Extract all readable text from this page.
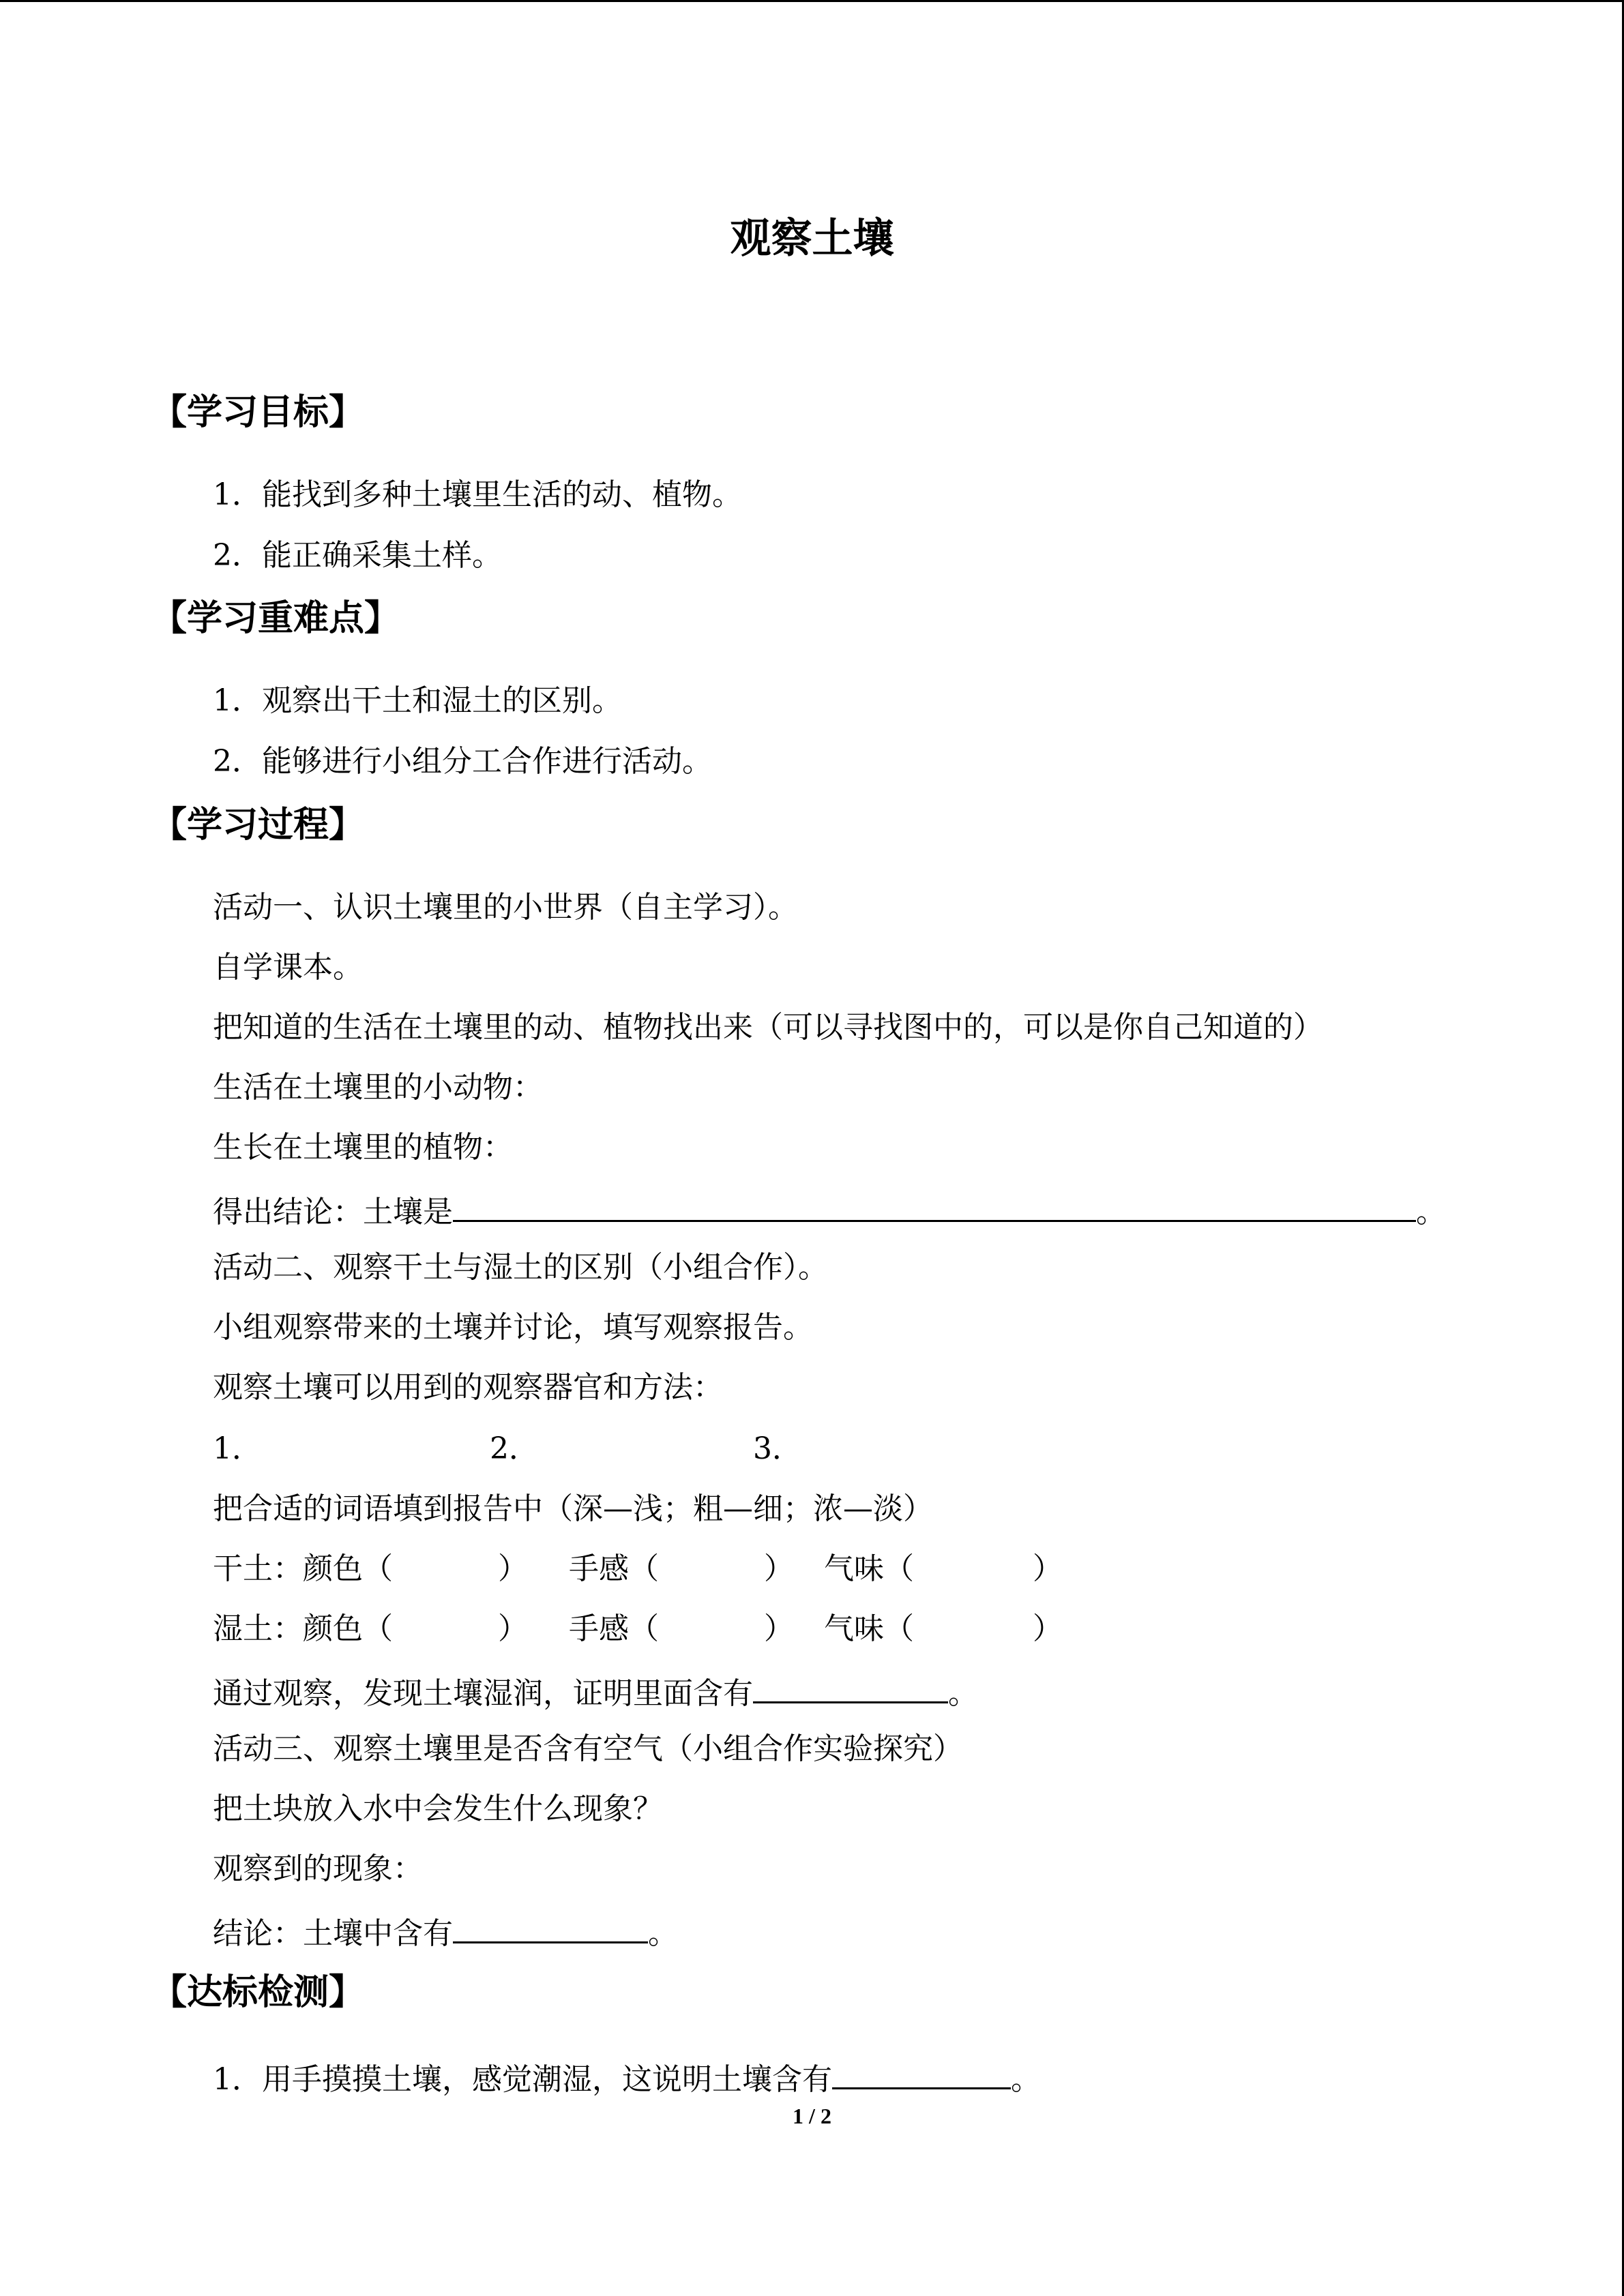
观察土壤
【学习目标】
1．能找到多种土壤里生活的动、植物。
2．能正确采集土样。
【学习重难点】
1．观察出干土和湿土的区别。
2．能够进行小组分工合作进行活动。
【学习过程】
活动一、认识土壤里的小世界（自主学习）。
自学课本。
把知道的生活在土壤里的动、植物找出来（可以寻找图中的，可以是你自己知道的）
生活在土壤里的小动物：
生长在土壤里的植物：
得出结论：土壤是	。
活动二、观察干土与湿土的区别（小组合作）。
小组观察带来的土壤并讨论，填写观察报告。
观察土壤可以用到的观察器官和方法：
1．	2．	3．
把合适的词语填到报告中（深—浅；粗—细；浓—淡）
干土：颜色（	） 手感（	） 气味（	）
湿土：颜色（	） 手感（	） 气味（	）
通过观察，发现土壤湿润，证明里面含有	。
活动三、观察土壤里是否含有空气（小组合作实验探究）
把土块放入水中会发生什么现象？
观察到的现象：
结论：土壤中含有	。
【达标检测】
1．用手摸摸土壤，感觉潮湿，这说明土壤含有	。
1 / 2
